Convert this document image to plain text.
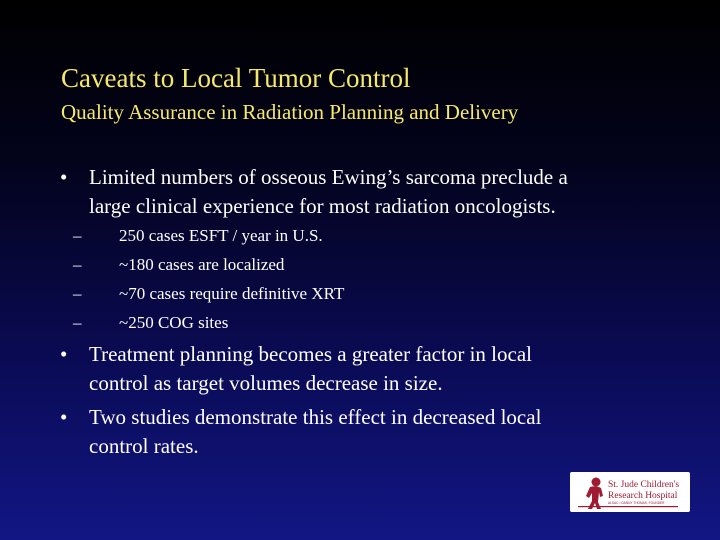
Caveats to Local Tumor Control
Quality Assurance in Radiation Planning and Delivery
• Limited numbers of osseous Ewing’s sarcoma preclude a
large clinical experience for most radiation oncologists.
– 250 cases ESFT / year in U.S.
– ~180 cases are localized
– ~70 cases require definitive XRT
– ~250 COG sites
• Treatment planning becomes a greater factor in local
control as target volumes decrease in size.
• Two studies demonstrate this effect in decreased local
control rates.
St. Jude Children's
Research Hospital
ALSAC • DANNY THOMAS, FOUNDER
